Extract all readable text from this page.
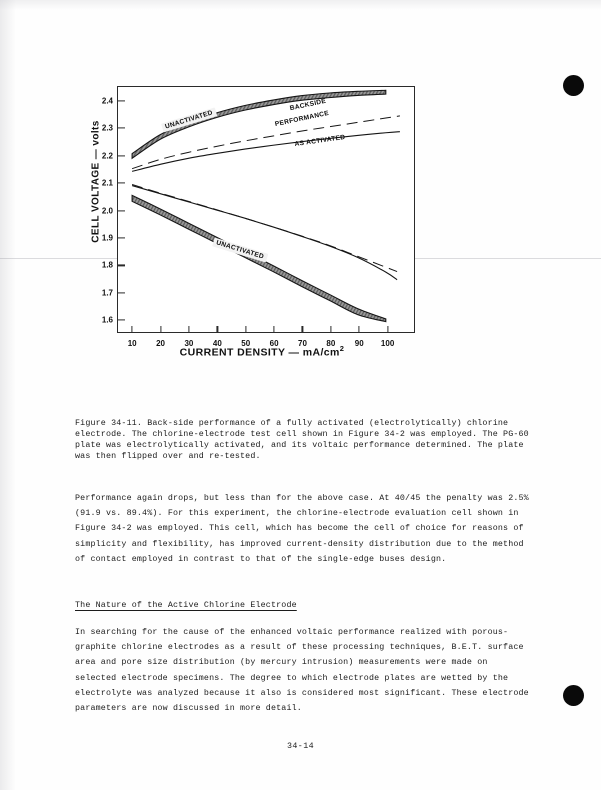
CELL VOLTAGE — volts
1.6
1.7
1.8
1.9
2.0
2.1
2.2
2.3
2.4
10 20 30 40 50 60 70 80 90 100
UNACTIVATED
BACKSIDE
PERFORMANCE
AS ACTIVATED
UNACTIVATED
CURRENT DENSITY — $mA/cm^2$
Figure 34-11. Back-side performance of a fully activated (electrolytically) chlorine electrode. The chlorine-electrode test cell shown in Figure 34-2 was employed. The PG-60 plate was electrolytically activated, and its voltaic performance determined. The plate was then flipped over and re-tested.
Performance again drops, but less than for the above case. At 40/45 the penalty was 2.5% (91.9 vs. 89.4%). For this experiment, the chlorine-electrode evaluation cell shown in Figure 34-2 was employed. This cell, which has become the cell of choice for reasons of simplicity and flexibility, has improved current-density distribution due to the method of contact employed in contrast to that of the single-edge buses design.
The Nature of the Active Chlorine Electrode
In searching for the cause of the enhanced voltaic performance realized with porous-graphite chlorine electrodes as a result of these processing techniques, B.E.T. surface area and pore size distribution (by mercury intrusion) measurements were made on selected electrode specimens. The degree to which electrode plates are wetted by the electrolyte was analyzed because it also is considered most significant. These electrode parameters are now discussed in more detail.
34-14
